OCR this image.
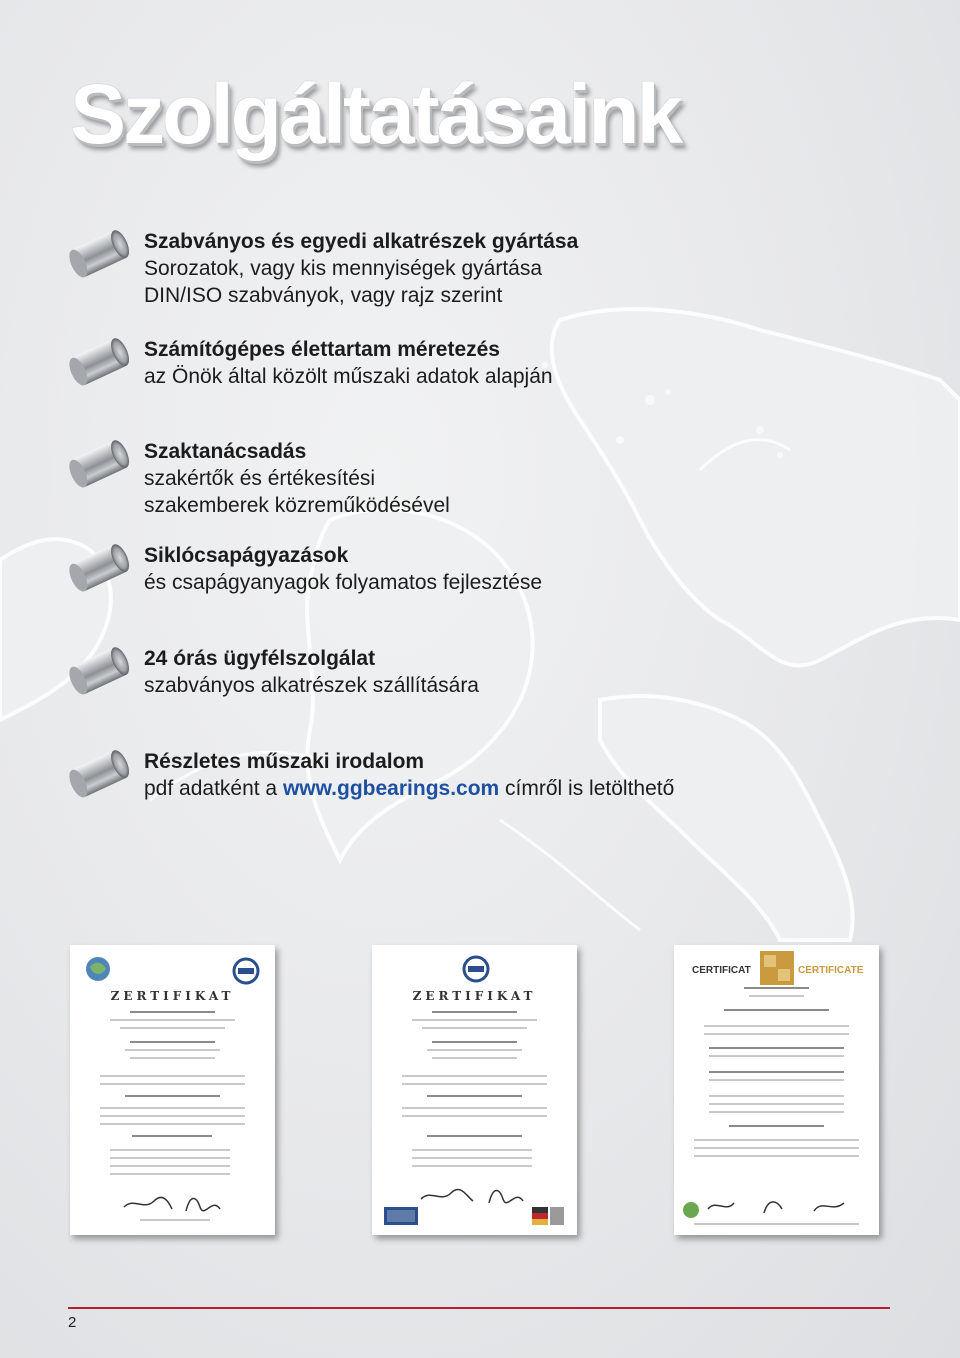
Szolgáltatásaink
Szabványos és egyedi alkatrészek gyártása
Sorozatok, vagy kis mennyiségek gyártása
DIN/ISO szabványok, vagy rajz szerint
Számítógépes élettartam méretezés
az Önök által közölt műszaki adatok alapján
Szaktanácsadás
szakértők és értékesítési
szakemberek közreműködésével
Siklócsapágyazások
és csapágyanyagok folyamatos fejlesztése
24 órás ügyfélszolgálat
szabványos alkatrészek szállítására
Részletes műszaki irodalom
pdf adatként a www.ggbearings.com címről is letölthető
ZERTIFIKAT	ZERTIFIKAT
CERTIFICAT	CERTIFICATE
2
